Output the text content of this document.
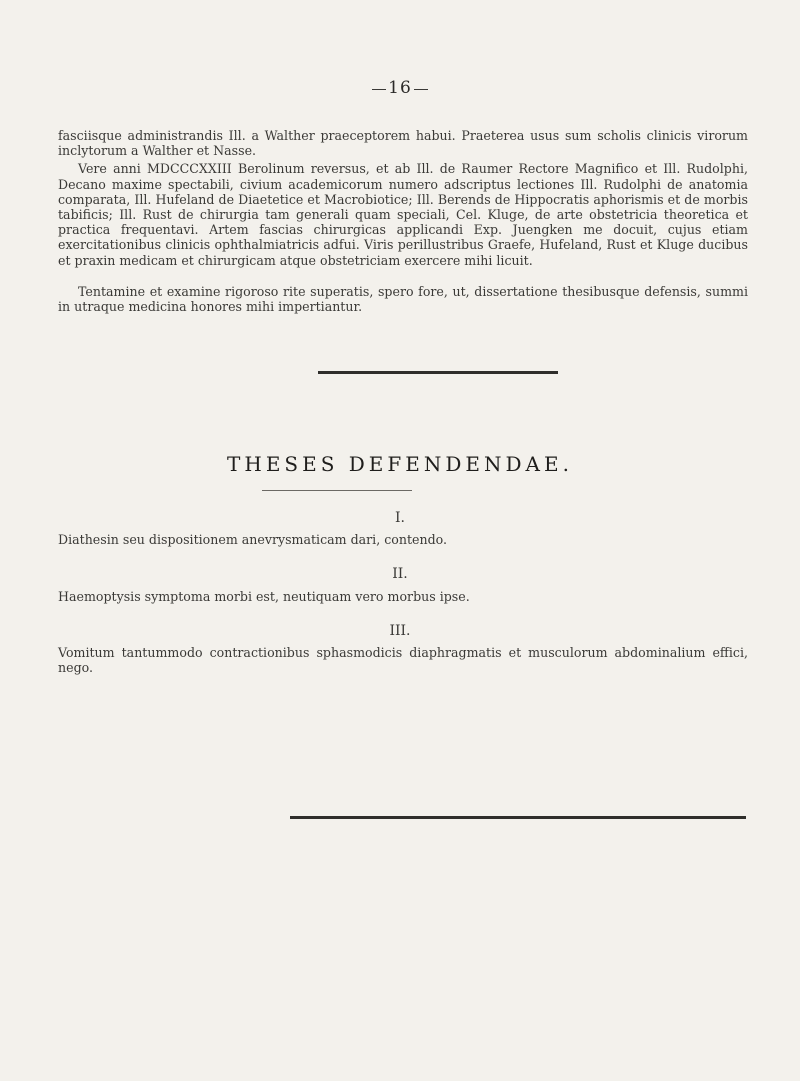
16

fasciisque administrandis Ill. a Walther praeceptorem habui. Praeterea usus sum scholis clinicis virorum inclytorum a Walther et Nasse.

Vere anni MDCCCXXIII Berolinum reversus, et ab Ill. de Raumer Rectore Magnifico et Ill. Rudolphi, Decano maxime spectabili, civium academicorum numero adscriptus lectiones Ill. Rudolphi de anatomia comparata, Ill. Hufeland de Diaetetice et Macrobiotice; Ill. Berends de Hippocratis aphorismis et de morbis tabificis; Ill. Rust de chirurgia tam generali quam speciali, Cel. Kluge, de arte obstetricia theoretica et practica frequentavi. Artem fascias chirurgicas applicandi Exp. Juengken me docuit, cujus etiam exercitationibus clinicis ophthalmiatricis adfui. Viris perillustribus Graefe, Hufeland, Rust et Kluge ducibus et praxin medicam et chirurgicam atque obstetriciam exercere mihi licuit.

Tentamine et examine rigoroso rite superatis, spero fore, ut, dissertatione thesibusque defensis, summi in utraque medicina honores mihi impertiantur.

THESES DEFENDENDAE.
I.
Diathesin seu dispositionem anevrysmaticam dari, contendo.
II.
Haemoptysis symptoma morbi est, neutiquam vero morbus ipse.
III.
Vomitum tantummodo contractionibus sphasmodicis diaphragmatis et musculorum abdominalium effici, nego.
